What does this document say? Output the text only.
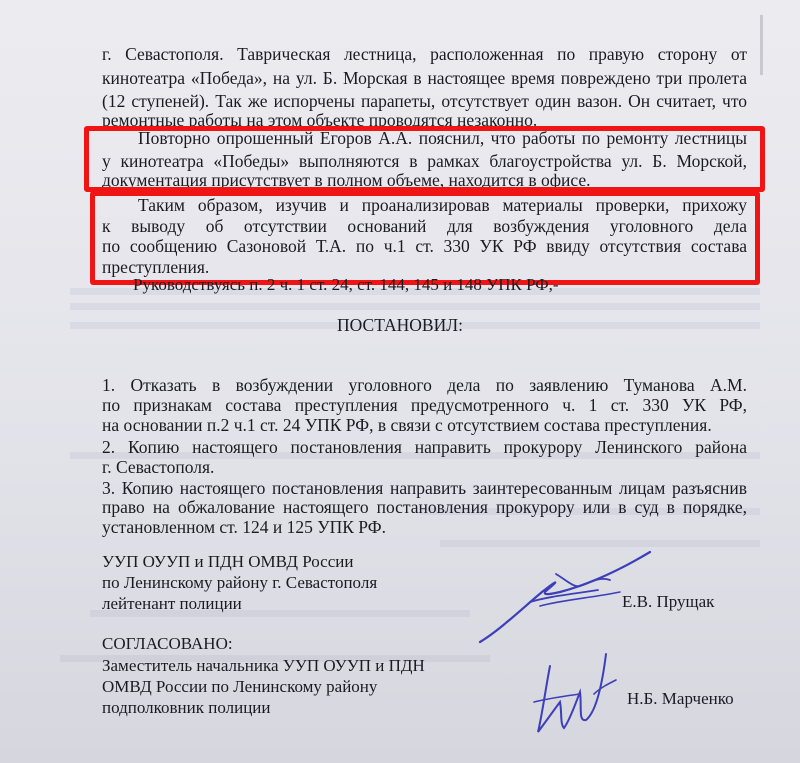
г. Севастополя. Таврическая лестница, расположенная по правую сторону от
кинотеатра «Победа», на ул. Б. Морская в настоящее время повреждено три пролета
(12 ступеней). Так же испорчены парапеты, отсутствует один вазон. Он считает, что
ремонтные работы на этом объекте проводятся незаконно.
Повторно опрошенный Егоров А.А. пояснил, что работы по ремонту лестницы
у кинотеатра «Победы» выполняются в рамках благоустройства ул. Б. Морской,
документация присутствует в полном объеме, находится в офисе.
Таким образом, изучив и проанализировав материалы проверки, прихожу
к выводу об отсутствии оснований для возбуждения уголовного дела
по сообщению Сазоновой Т.А. по ч.1 ст. 330 УК РФ ввиду отсутствия состава
преступления.
Руководствуясь п. 2 ч. 1 ст. 24, ст. 144, 145 и 148 УПК РФ,-
ПОСТАНОВИЛ:
1. Отказать в возбуждении уголовного дела по заявлению Туманова А.М.
по признакам состава преступления предусмотренного ч. 1 ст. 330 УК РФ,
на основании п.2 ч.1 ст. 24 УПК РФ, в связи с отсутствием состава преступления.
2. Копию настоящего постановления направить прокурору Ленинского района
г. Севастополя.
3. Копию настоящего постановления направить заинтересованным лицам разъяснив
право на обжалование настоящего постановления прокурору или в суд в порядке,
установленном ст. 124 и 125 УПК РФ.
УУП ОУУП и ПДН ОМВД России
по Ленинскому району г. Севастополя
лейтенант полиции	Е.В. Прущак
СОГЛАСОВАНО:
Заместитель начальника УУП ОУУП и ПДН
ОМВД России по Ленинскому району
подполковник полиции	Н.Б. Марченко
